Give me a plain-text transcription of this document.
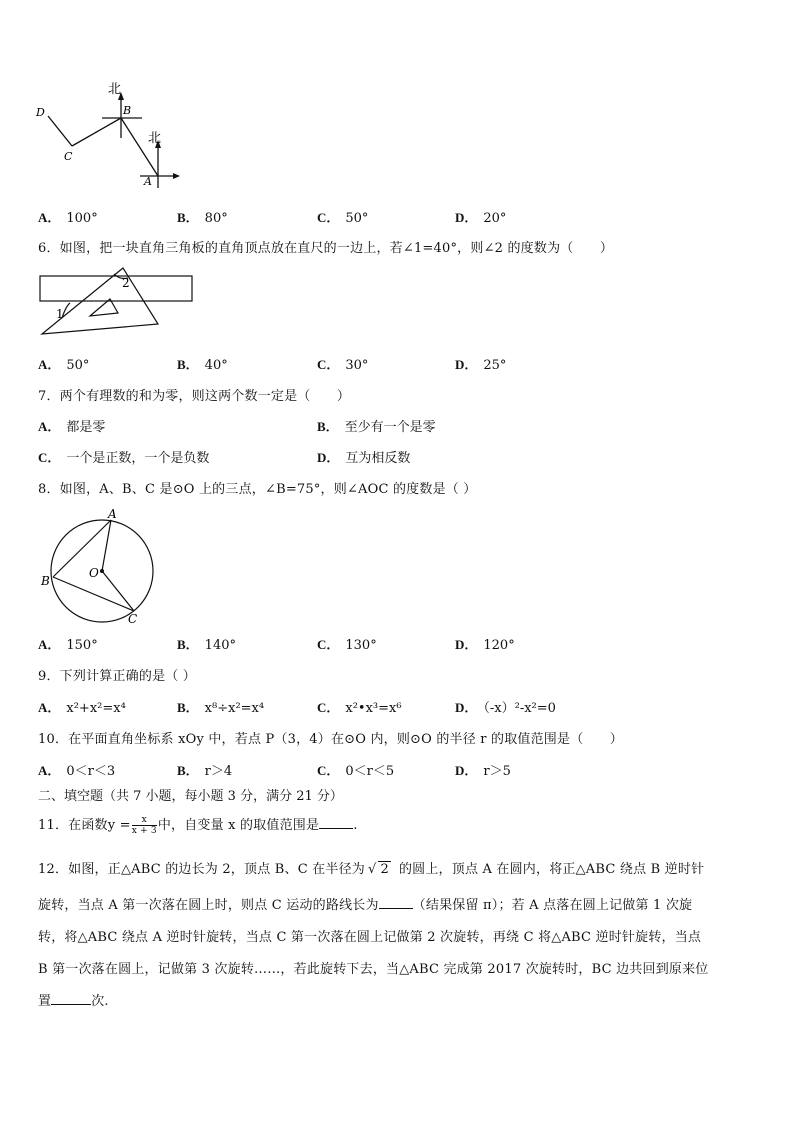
北
北
B
A
C
D
A． 100°	B． 80°	C． 50°	D． 20°
6．如图，把一块直角三角板的直角顶点放在直尺的一边上，若∠1=40°，则∠2 的度数为（　　）
1
2
A． 50°	B． 40°	C． 30°	D． 25°
7．两个有理数的和为零，则这两个数一定是（　　）
A． 都是零	B． 至少有一个是零
C． 一个是正数，一个是负数	D． 互为相反数
8．如图，A、B、C 是⊙O 上的三点，∠B=75°，则∠AOC 的度数是（ ）
A
B
C
O
A． 150°	B． 140°	C． 130°	D． 120°
9．下列计算正确的是（ ）
A． x²+x²=x⁴	B． x⁸÷x²=x⁴	C． x²•x³=x⁶	D． （-x）²-x²=0
10．在平面直角坐标系 xOy 中，若点 P（3，4）在⊙O 内，则⊙O 的半径 r 的取值范围是（　　）
A． 0＜r＜3	B． r＞4	C． 0＜r＜5	D． r＞5
二、填空题（共 7 小题，每小题 3 分，满分 21 分）
11．在函数$y = \frac{x}{x + 3}$ 中，自变量 x 的取值范围是	.
12．如图，正△ABC 的边长为 2，顶点 B、C 在半径为 √ 2 的圆上，顶点 A 在圆内，将正△ABC 绕点 B 逆时针
旋转，当点 A 第一次落在圆上时，则点 C 运动的路线长为	（结果保留 π）；若 A 点落在圆上记做第 1 次旋
转，将△ABC 绕点 A 逆时针旋转，当点 C 第一次落在圆上记做第 2 次旋转，再绕 C 将△ABC 逆时针旋转，当点
B 第一次落在圆上，记做第 3 次旋转……，若此旋转下去，当△ABC 完成第 2017 次旋转时，BC 边共回到原来位
置	次.
